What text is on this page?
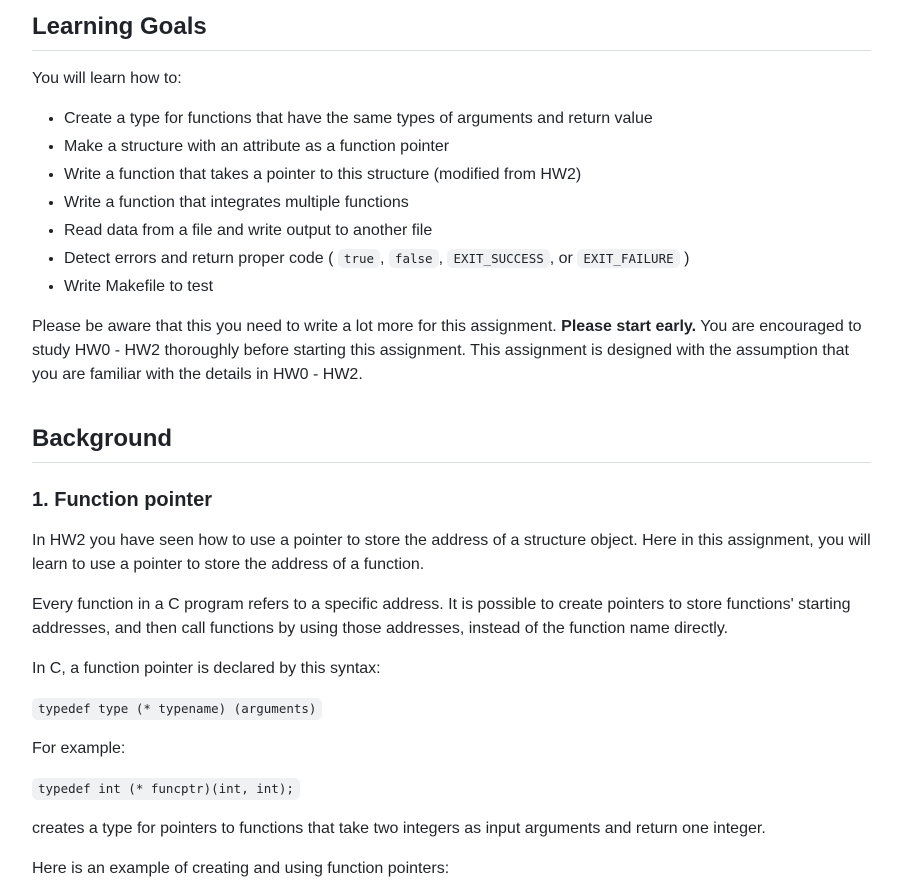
Learning Goals

You will learn how to:

• Create a type for functions that have the same types of arguments and return value
• Make a structure with an attribute as a function pointer
• Write a function that takes a pointer to this structure (modified from HW2)
• Write a function that integrates multiple functions
• Read data from a file and write output to another file
• Detect errors and return proper code ( true , false , EXIT_SUCCESS , or EXIT_FAILURE )
• Write Makefile to test

Please be aware that this you need to write a lot more for this assignment. Please start early. You are encouraged to study HW0 - HW2 thoroughly before starting this assignment. This assignment is designed with the assumption that you are familiar with the details in HW0 - HW2.

Background
1. Function pointer

In HW2 you have seen how to use a pointer to store the address of a structure object. Here in this assignment, you will learn to use a pointer to store the address of a function.

Every function in a C program refers to a specific address. It is possible to create pointers to store functions' starting addresses, and then call functions by using those addresses, instead of the function name directly.

In C, a function pointer is declared by this syntax:

typedef type (* typename) (arguments)

For example:

typedef int (* funcptr)(int, int);

creates a type for pointers to functions that take two integers as input arguments and return one integer.

Here is an example of creating and using function pointers:
